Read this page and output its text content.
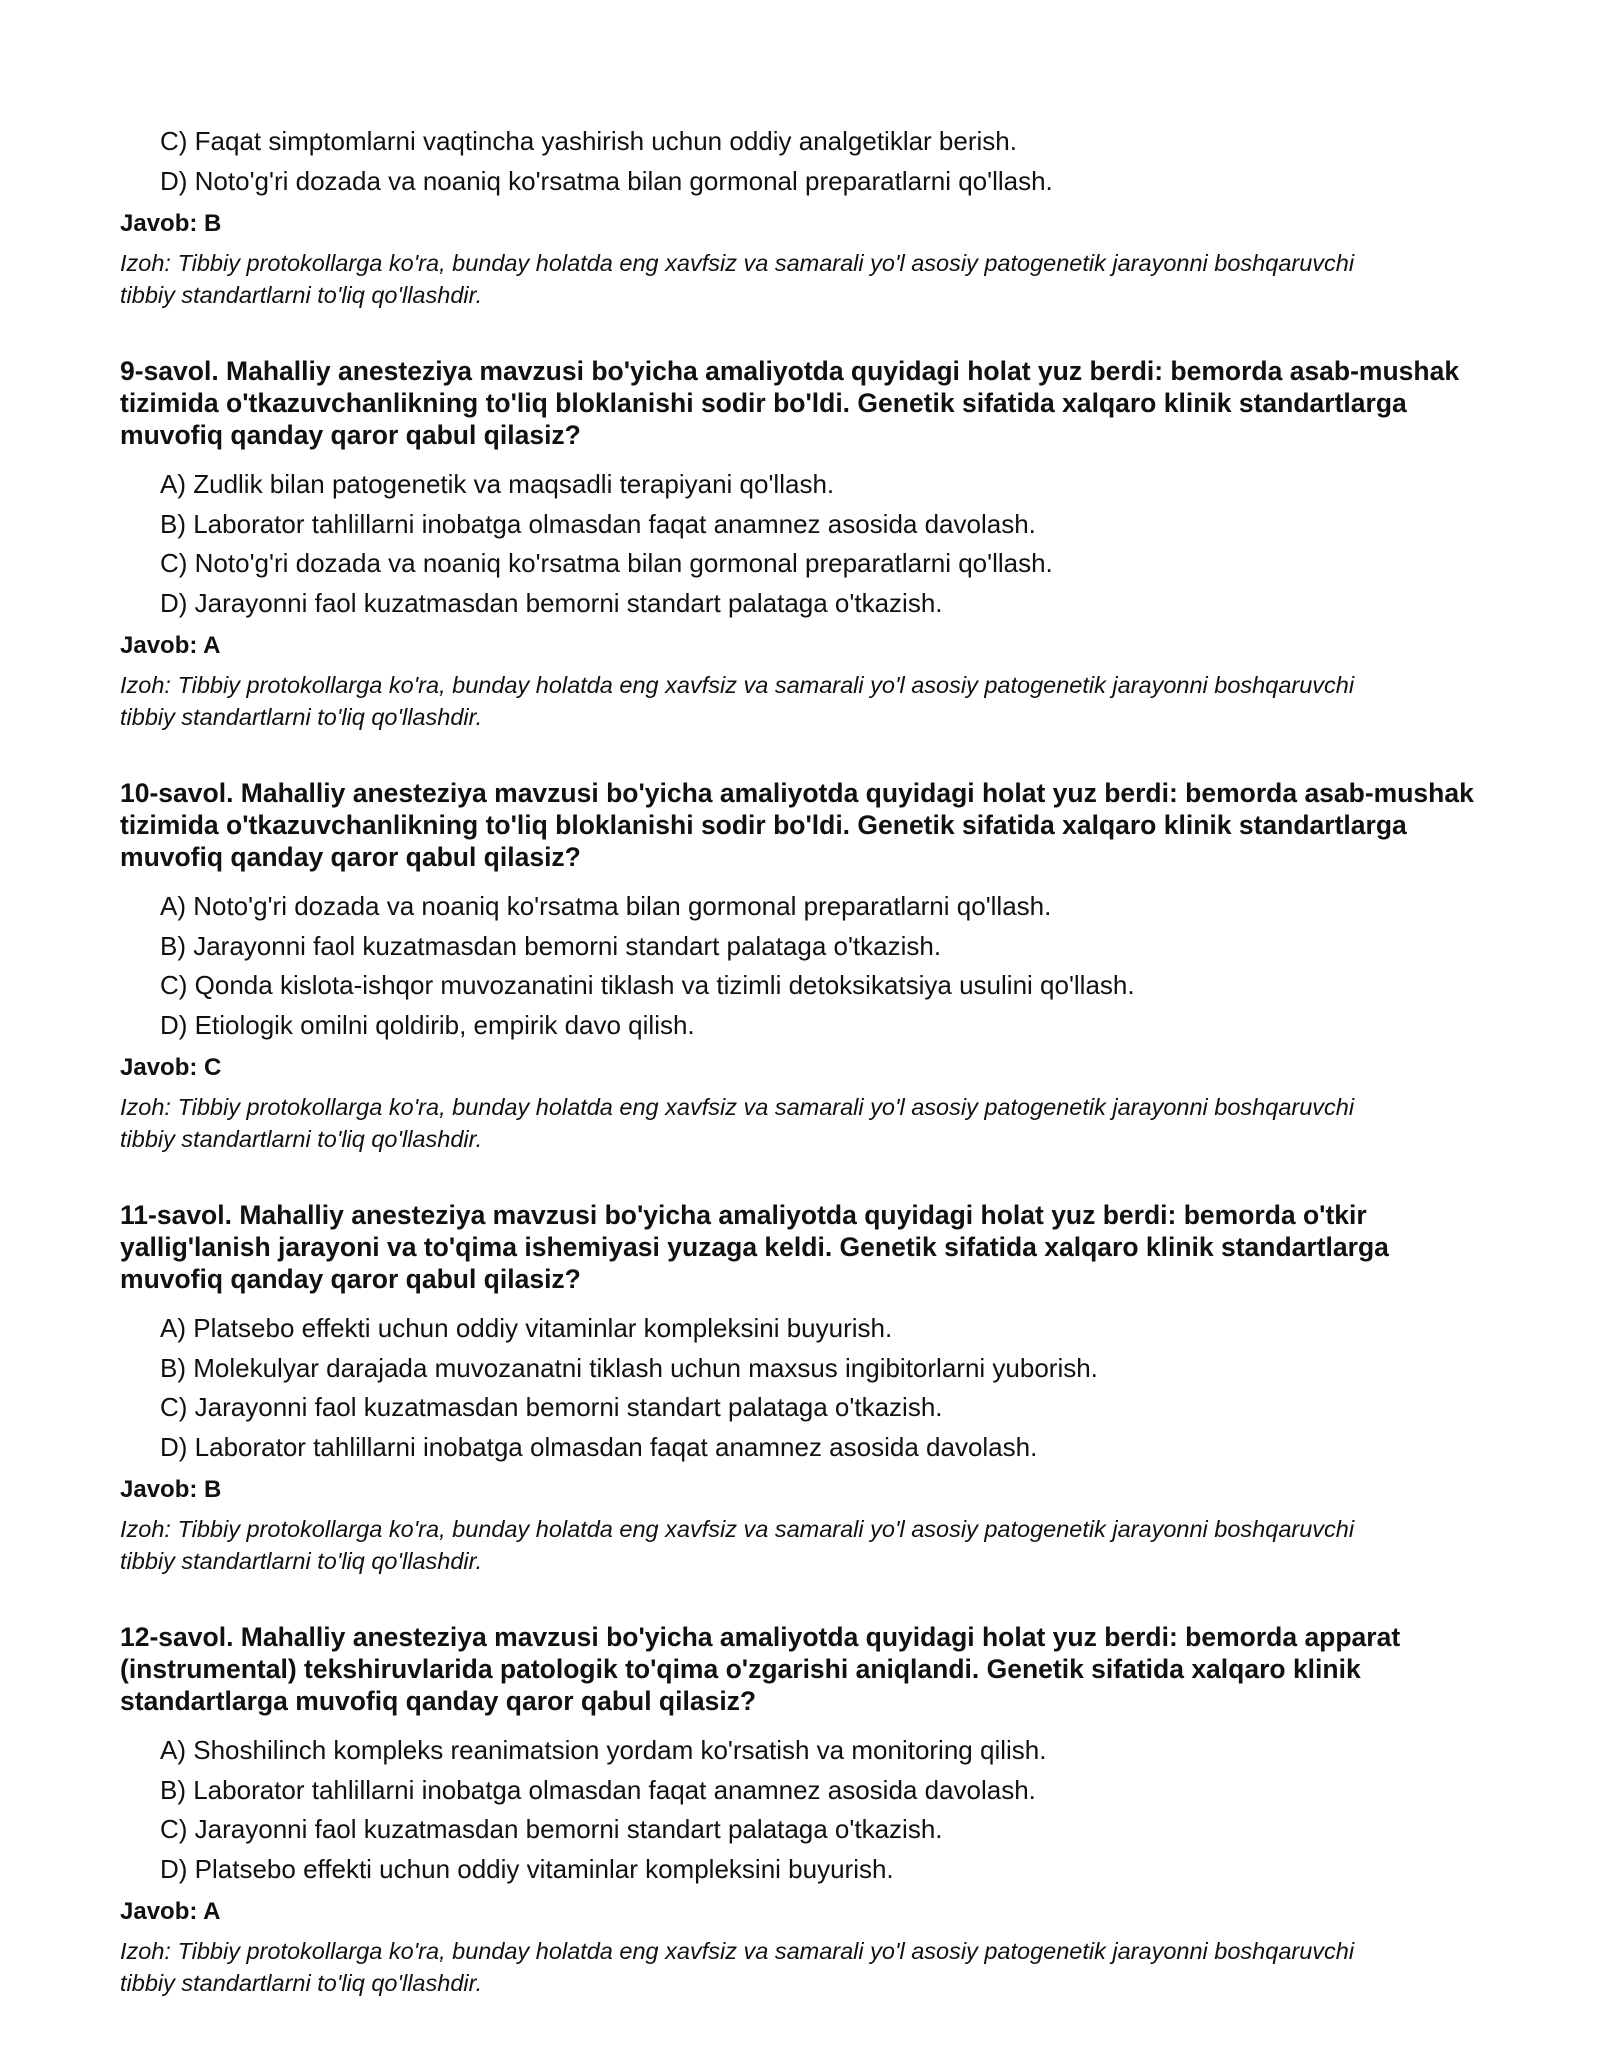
C) Faqat simptomlarni vaqtincha yashirish uchun oddiy analgetiklar berish.
D) Noto'g'ri dozada va noaniq ko'rsatma bilan gormonal preparatlarni qo'llash.
Javob: B
Izoh: Tibbiy protokollarga ko'ra, bunday holatda eng xavfsiz va samarali yo'l asosiy patogenetik jarayonni boshqaruvchi tibbiy standartlarni to'liq qo'llashdir.
9-savol. Mahalliy anesteziya mavzusi bo'yicha amaliyotda quyidagi holat yuz berdi: bemorda asab-mushak tizimida o'tkazuvchanlikning to'liq bloklanishi sodir bo'ldi. Genetik sifatida xalqaro klinik standartlarga muvofiq qanday qaror qabul qilasiz?
A) Zudlik bilan patogenetik va maqsadli terapiyani qo'llash.
B) Laborator tahlillarni inobatga olmasdan faqat anamnez asosida davolash.
C) Noto'g'ri dozada va noaniq ko'rsatma bilan gormonal preparatlarni qo'llash.
D) Jarayonni faol kuzatmasdan bemorni standart palataga o'tkazish.
Javob: A
Izoh: Tibbiy protokollarga ko'ra, bunday holatda eng xavfsiz va samarali yo'l asosiy patogenetik jarayonni boshqaruvchi tibbiy standartlarni to'liq qo'llashdir.
10-savol. Mahalliy anesteziya mavzusi bo'yicha amaliyotda quyidagi holat yuz berdi: bemorda asab-mushak tizimida o'tkazuvchanlikning to'liq bloklanishi sodir bo'ldi. Genetik sifatida xalqaro klinik standartlarga muvofiq qanday qaror qabul qilasiz?
A) Noto'g'ri dozada va noaniq ko'rsatma bilan gormonal preparatlarni qo'llash.
B) Jarayonni faol kuzatmasdan bemorni standart palataga o'tkazish.
C) Qonda kislota-ishqor muvozanatini tiklash va tizimli detoksikatsiya usulini qo'llash.
D) Etiologik omilni qoldirib, empirik davo qilish.
Javob: C
Izoh: Tibbiy protokollarga ko'ra, bunday holatda eng xavfsiz va samarali yo'l asosiy patogenetik jarayonni boshqaruvchi tibbiy standartlarni to'liq qo'llashdir.
11-savol. Mahalliy anesteziya mavzusi bo'yicha amaliyotda quyidagi holat yuz berdi: bemorda o'tkir yallig'lanish jarayoni va to'qima ishemiyasi yuzaga keldi. Genetik sifatida xalqaro klinik standartlarga muvofiq qanday qaror qabul qilasiz?
A) Platsebo effekti uchun oddiy vitaminlar kompleksini buyurish.
B) Molekulyar darajada muvozanatni tiklash uchun maxsus ingibitorlarni yuborish.
C) Jarayonni faol kuzatmasdan bemorni standart palataga o'tkazish.
D) Laborator tahlillarni inobatga olmasdan faqat anamnez asosida davolash.
Javob: B
Izoh: Tibbiy protokollarga ko'ra, bunday holatda eng xavfsiz va samarali yo'l asosiy patogenetik jarayonni boshqaruvchi tibbiy standartlarni to'liq qo'llashdir.
12-savol. Mahalliy anesteziya mavzusi bo'yicha amaliyotda quyidagi holat yuz berdi: bemorda apparat (instrumental) tekshiruvlarida patologik to'qima o'zgarishi aniqlandi. Genetik sifatida xalqaro klinik standartlarga muvofiq qanday qaror qabul qilasiz?
A) Shoshilinch kompleks reanimatsion yordam ko'rsatish va monitoring qilish.
B) Laborator tahlillarni inobatga olmasdan faqat anamnez asosida davolash.
C) Jarayonni faol kuzatmasdan bemorni standart palataga o'tkazish.
D) Platsebo effekti uchun oddiy vitaminlar kompleksini buyurish.
Javob: A
Izoh: Tibbiy protokollarga ko'ra, bunday holatda eng xavfsiz va samarali yo'l asosiy patogenetik jarayonni boshqaruvchi tibbiy standartlarni to'liq qo'llashdir.
